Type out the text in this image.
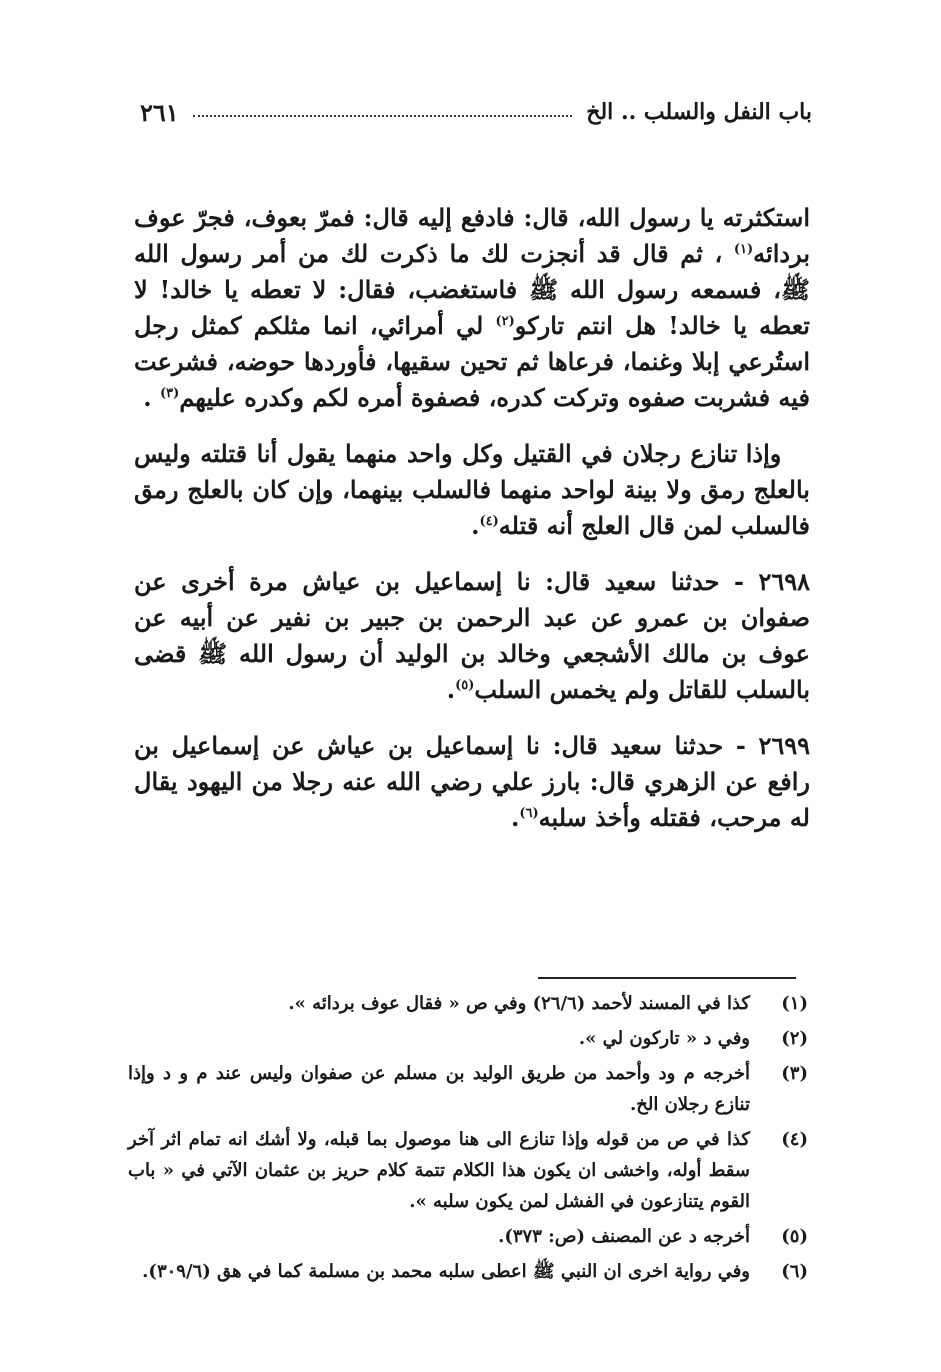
٢٦١	باب النفل والسلب .. الخ

استكثرته يا رسول الله، قال: فادفع إليه قال: فمرّ بعوف، فجرّ عوف بردائه$^{(١)}$ ، ثم قال قد أنجزت لك ما ذكرت لك من أمر رسول الله ﷺ، فسمعه رسول الله ﷺ فاستغضب، فقال: لا تعطه يا خالد! لا تعطه يا خالد! هل انتم تاركو$^{(٢)}$ لي أمرائي، انما مثلكم كمثل رجل استُرعي إبلا وغنما، فرعاها ثم تحين سقيها، فأوردها حوضه، فشرعت فيه فشربت صفوه وتركت كدره، فصفوة أمره لكم وكدره عليهم$^{(٣)}$ .

وإذا تنازع رجلان في القتيل وكل واحد منهما يقول أنا قتلته وليس بالعلج رمق ولا بينة لواحد منهما فالسلب بينهما، وإن كان بالعلج رمق فالسلب لمن قال العلج أنه قتله$^{(٤)}$.

٢٦٩٨ - حدثنا سعيد قال: نا إسماعيل بن عياش مرة أخرى عن صفوان بن عمرو عن عبد الرحمن بن جبير بن نفير عن أبيه عن عوف بن مالك الأشجعي وخالد بن الوليد أن رسول الله ﷺ قضى بالسلب للقاتل ولم يخمس السلب$^{(٥)}$.

٢٦٩٩ - حدثنا سعيد قال: نا إسماعيل بن عياش عن إسماعيل بن رافع عن الزهري قال: بارز علي رضي الله عنه رجلا من اليهود يقال له مرحب، فقتله وأخذ سلبه$^{(٦)}$.

(١)
كذا في المسند لأحمد (٢٦/٦) وفي ص « فقال عوف بردائه ».
(٢)
وفي د « تاركون لي ».
(٣)
أخرجه م ود وأحمد من طريق الوليد بن مسلم عن صفوان وليس عند م و د وإذا تنازع رجلان الخ.
(٤)
كذا في ص من قوله وإذا تنازع الى هنا موصول بما قبله، ولا أشك انه تمام اثر آخر سقط أوله، واخشى ان يكون هذا الكلام تتمة كلام حريز بن عثمان الآتي في « باب القوم يتنازعون في الفشل لمن يكون سلبه ».
(٥)
أخرجه د عن المصنف (ص: ٣٧٣).
(٦)
وفي رواية اخرى ان النبي ﷺ اعطى سلبه محمد بن مسلمة كما في هق (٣٠٩/٦).
